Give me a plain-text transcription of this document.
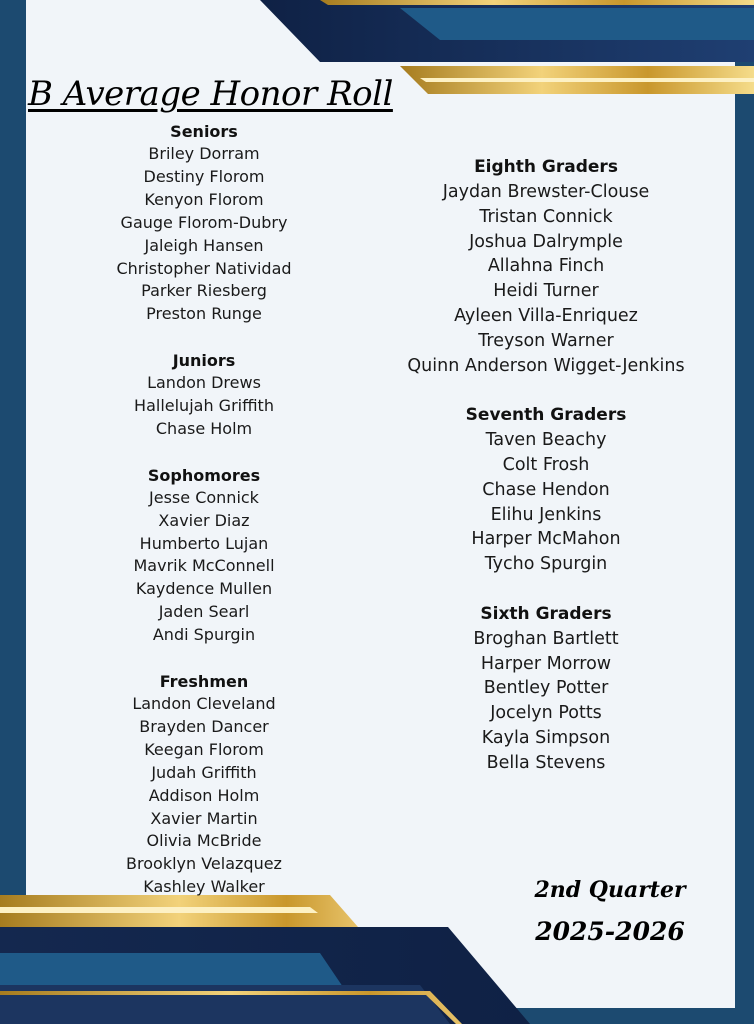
B Average Honor Roll
Seniors
Briley Dorram
Destiny Florom
Kenyon Florom
Gauge Florom-Dubry
Jaleigh Hansen
Christopher Natividad
Parker Riesberg
Preston Runge
Juniors
Landon Drews
Hallelujah Griffith
Chase Holm
Sophomores
Jesse Connick
Xavier Diaz
Humberto Lujan
Mavrik McConnell
Kaydence Mullen
Jaden Searl
Andi Spurgin
Freshmen
Landon Cleveland
Brayden Dancer
Keegan Florom
Judah Griffith
Addison Holm
Xavier Martin
Olivia McBride
Brooklyn Velazquez
Kashley Walker
Eighth Graders
Jaydan Brewster-Clouse
Tristan Connick
Joshua Dalrymple
Allahna Finch
Heidi Turner
Ayleen Villa-Enriquez
Treyson Warner
Quinn Anderson Wigget-Jenkins
Seventh Graders
Taven Beachy
Colt Frosh
Chase Hendon
Elihu Jenkins
Harper McMahon
Tycho Spurgin
Sixth Graders
Broghan Bartlett
Harper Morrow
Bentley Potter
Jocelyn Potts
Kayla Simpson
Bella Stevens
2nd Quarter
2025-2026
